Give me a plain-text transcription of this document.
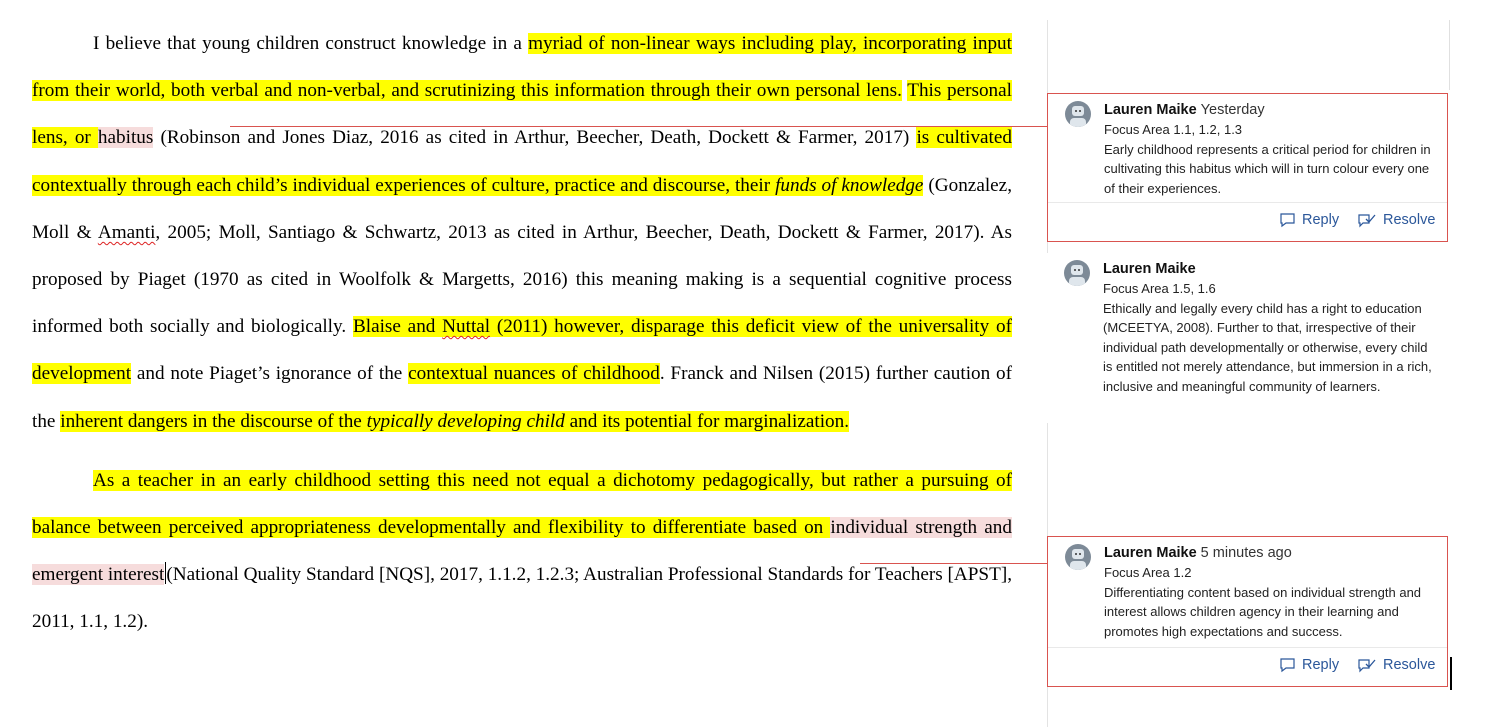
I believe that young children construct knowledge in a myriad of non-linear ways including play, incorporating input from their world, both verbal and non-verbal, and scrutinizing this information through their own personal lens. This personal lens, or habitus (Robinson and Jones Diaz, 2016 as cited in Arthur, Beecher, Death, Dockett & Farmer, 2017) is cultivated contextually through each child’s individual experiences of culture, practice and discourse, their funds of knowledge (Gonzalez, Moll & Amanti, 2005; Moll, Santiago & Schwartz, 2013 as cited in Arthur, Beecher, Death, Dockett & Farmer, 2017). As proposed by Piaget (1970 as cited in Woolfolk & Margetts, 2016) this meaning making is a sequential cognitive process informed both socially and biologically. Blaise and Nuttal (2011) however, disparage this deficit view of the universality of development and note Piaget’s ignorance of the contextual nuances of childhood. Franck and Nilsen (2015) further caution of the inherent dangers in the discourse of the typically developing child and its potential for marginalization.

As a teacher in an early childhood setting this need not equal a dichotomy pedagogically, but rather a pursuing of balance between perceived appropriateness developmentally and flexibility to differentiate based on individual strength and emergent interest (National Quality Standard [NQS], 2017, 1.1.2, 1.2.3; Australian Professional Standards for Teachers [APST], 2011, 1.1, 1.2).

Lauren Maike Yesterday
Focus Area 1.1, 1.2, 1.3
Early childhood represents a critical period for children in cultivating this habitus which will in turn colour every one of their experiences.
Reply	Resolve
Lauren Maike
Focus Area 1.5, 1.6
Ethically and legally every child has a right to education (MCEETYA, 2008). Further to that, irrespective of their individual path developmentally or otherwise, every child is entitled not merely attendance, but immersion in a rich, inclusive and meaningful community of learners.
Lauren Maike 5 minutes ago
Focus Area 1.2
Differentiating content based on individual strength and interest allows children agency in their learning and promotes high expectations and success.
Reply	Resolve
